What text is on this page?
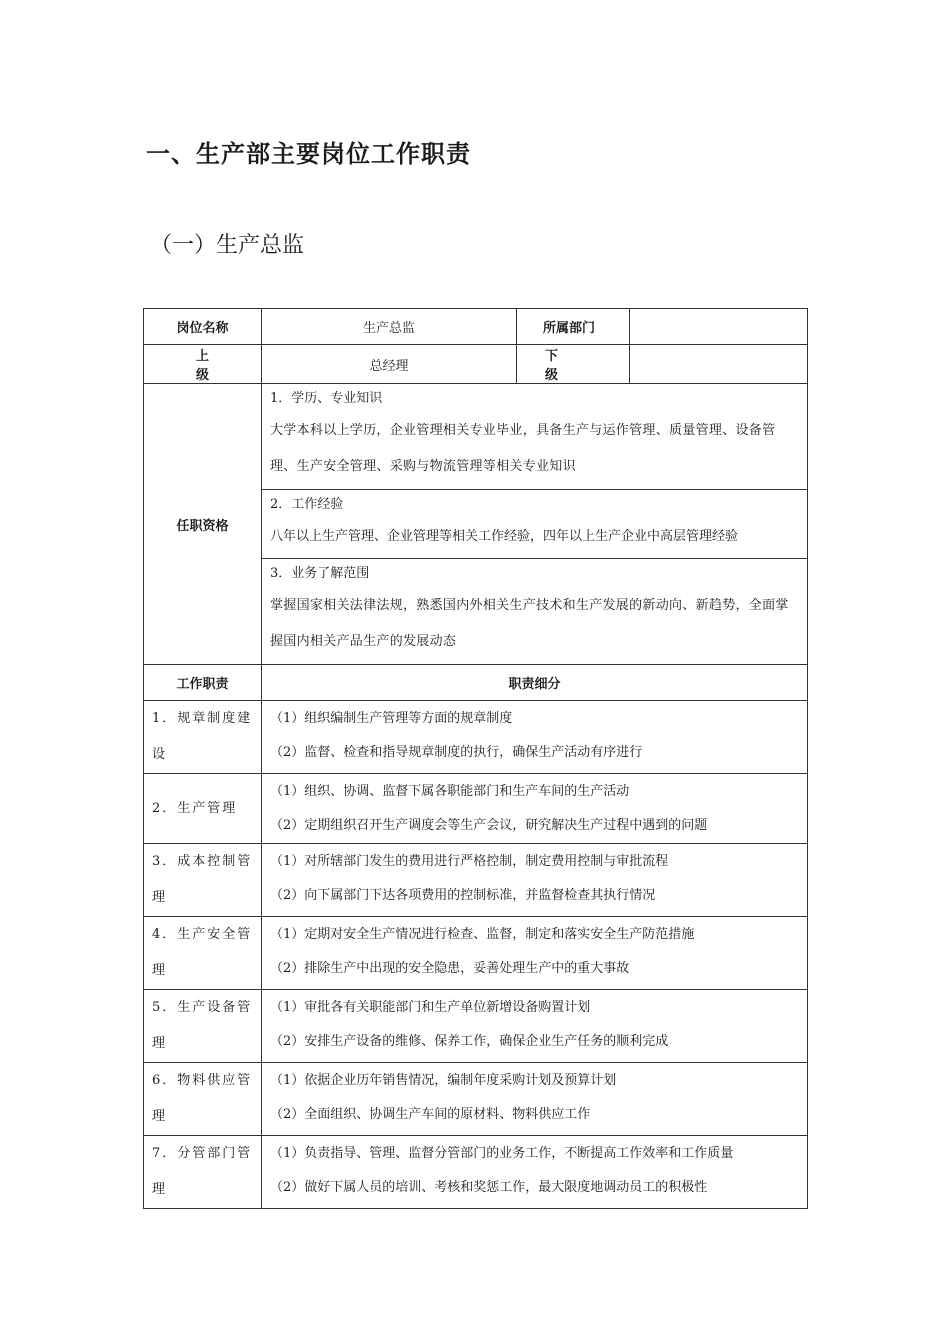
一、生产部主要岗位工作职责
（一）生产总监
岗位名称	生产总监	所属部门	
上 级	总经理	下 级	
任职资格	1．学历、专业知识
大学本科以上学历，企业管理相关专业毕业，具备生产与运作管理、质量管理、设备管理、生产安全管理、采购与物流管理等相关专业知识		

	2．工作经验
八年以上生产管理、企业管理等相关工作经验，四年以上生产企业中高层管理经验		

	3．业务了解范围
掌握国家相关法律法规，熟悉国内外相关生产技术和生产发展的新动向、新趋势，全面掌握国内相关产品生产的发展动态		

工作职责	职责细分		
1．规章制度建设	（1）组织编制生产管理等方面的规章制度
（2）监督、检查和指导规章制度的执行，确保生产活动有序进行		

2．生产管理	（1）组织、协调、监督下属各职能部门和生产车间的生产活动
（2）定期组织召开生产调度会等生产会议，研究解决生产过程中遇到的问题		

3．成本控制管理	（1）对所辖部门发生的费用进行严格控制，制定费用控制与审批流程
（2）向下属部门下达各项费用的控制标准，并监督检查其执行情况		

4．生产安全管理	（1）定期对安全生产情况进行检查、监督，制定和落实安全生产防范措施
（2）排除生产中出现的安全隐患，妥善处理生产中的重大事故		

5．生产设备管理	（1）审批各有关职能部门和生产单位新增设备购置计划
（2）安排生产设备的维修、保养工作，确保企业生产任务的顺利完成		

6．物料供应管理	（1）依据企业历年销售情况，编制年度采购计划及预算计划
（2）全面组织、协调生产车间的原材料、物料供应工作		

7．分管部门管理	（1）负责指导、管理、监督分管部门的业务工作，不断提高工作效率和工作质量
（2）做好下属人员的培训、考核和奖惩工作，最大限度地调动员工的积极性		
